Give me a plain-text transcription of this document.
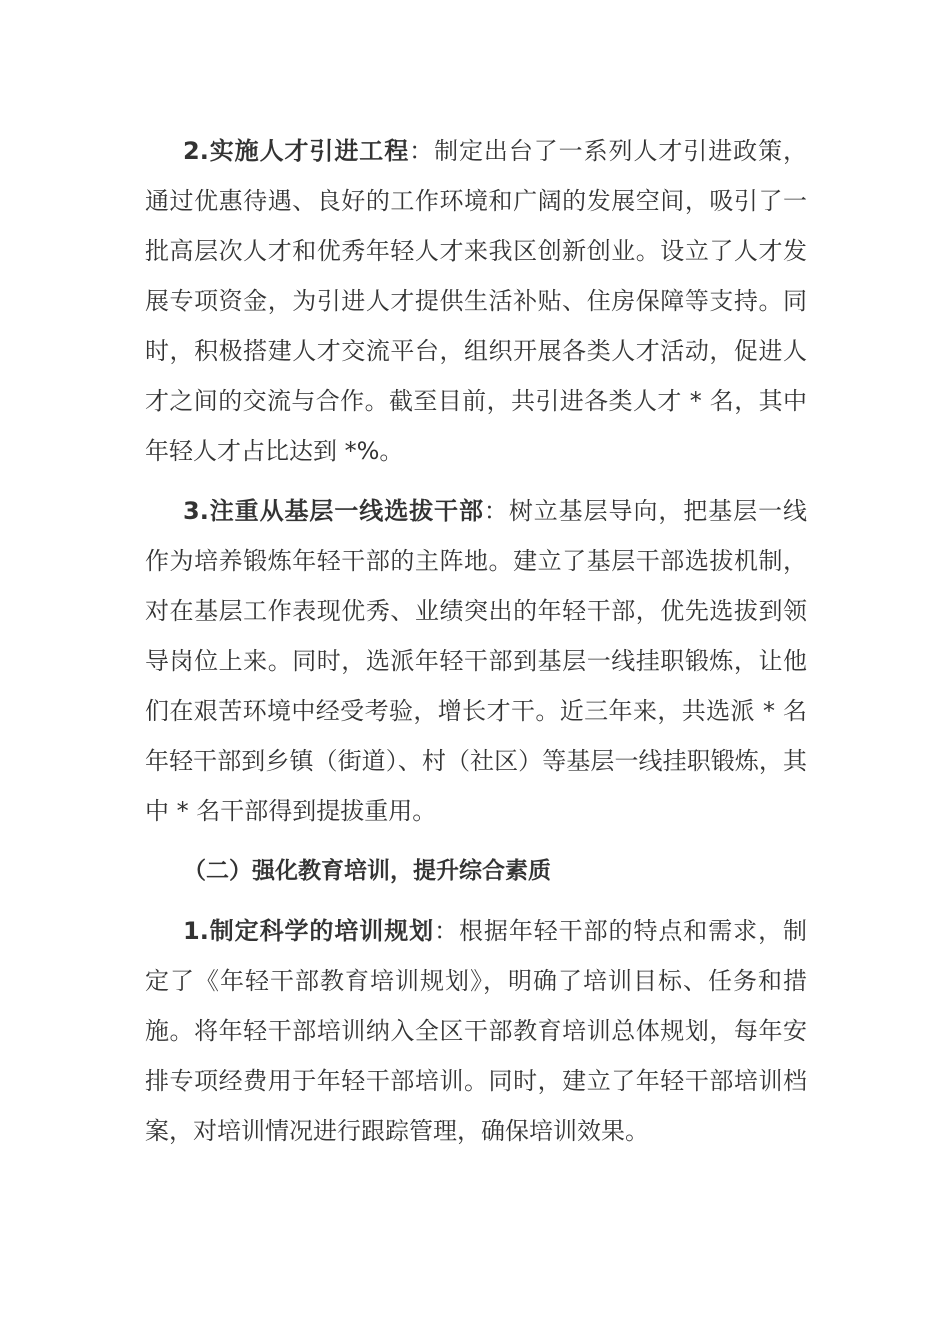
2.实施人才引进工程：制定出台了一系列人才引进政策，通过优惠待遇、良好的工作环境和广阔的发展空间，吸引了一批高层次人才和优秀年轻人才来我区创新创业。设立了人才发展专项资金，为引进人才提供生活补贴、住房保障等支持。同时，积极搭建人才交流平台，组织开展各类人才活动，促进人才之间的交流与合作。截至目前，共引进各类人才 * 名，其中年轻人才占比达到 *%。

3.注重从基层一线选拔干部：树立基层导向，把基层一线作为培养锻炼年轻干部的主阵地。建立了基层干部选拔机制，对在基层工作表现优秀、业绩突出的年轻干部，优先选拔到领导岗位上来。同时，选派年轻干部到基层一线挂职锻炼，让他们在艰苦环境中经受考验，增长才干。近三年来，共选派 * 名年轻干部到乡镇（街道）、村（社区）等基层一线挂职锻炼，其中 * 名干部得到提拔重用。

（二）强化教育培训，提升综合素质

1.制定科学的培训规划：根据年轻干部的特点和需求，制定了《年轻干部教育培训规划》，明确了培训目标、任务和措施。将年轻干部培训纳入全区干部教育培训总体规划，每年安排专项经费用于年轻干部培训。同时，建立了年轻干部培训档案，对培训情况进行跟踪管理，确保培训效果。
